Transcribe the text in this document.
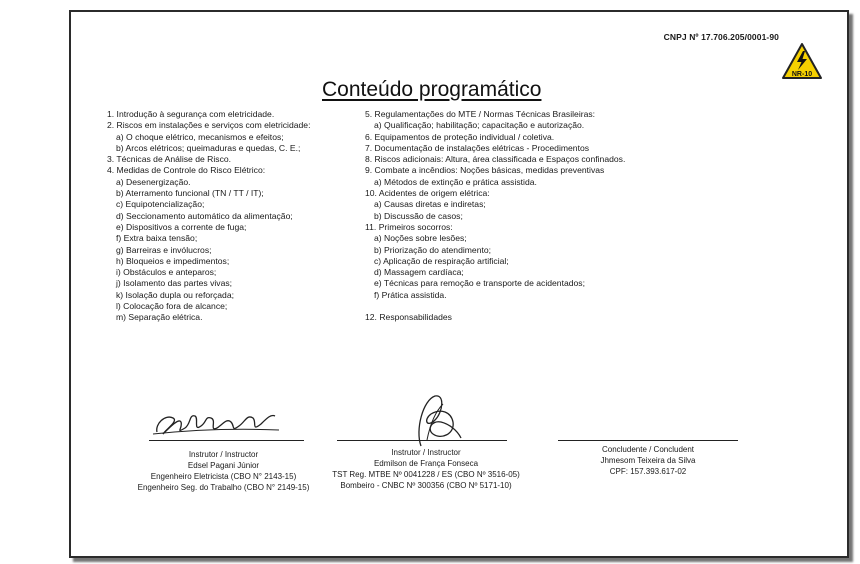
CNPJ Nº 17.706.205/0001-90
NR-10
Conteúdo programático
1. Introdução à segurança com eletricidade.
2. Riscos em instalações e serviços com eletricidade:
a) O choque elétrico, mecanismos e efeitos;
b) Arcos elétricos; queimaduras e quedas, C. E.;
3. Técnicas de Análise de Risco.
4. Medidas de Controle do Risco Elétrico:
a) Desenergização.
b) Aterramento funcional (TN / TT / IT);
c) Equipotencialização;
d) Seccionamento automático da alimentação;
e) Dispositivos a corrente de fuga;
f) Extra baixa tensão;
g) Barreiras e invólucros;
h) Bloqueios e impedimentos;
i) Obstáculos e anteparos;
j) Isolamento das partes vivas;
k) Isolação dupla ou reforçada;
l) Colocação fora de alcance;
m) Separação elétrica.
5. Regulamentações do MTE / Normas Técnicas Brasileiras:
a) Qualificação; habilitação; capacitação e autorização.
6. Equipamentos de proteção individual / coletiva.
7. Documentação de instalações elétricas - Procedimentos
8. Riscos adicionais: Altura, área classificada e Espaços confinados.
9. Combate a incêndios: Noções básicas, medidas preventivas
a) Métodos de extinção e prática assistida.
10. Acidentes de origem elétrica:
a) Causas diretas e indiretas;
b) Discussão de casos;
11. Primeiros socorros:
a) Noções sobre lesões;
b) Priorização do atendimento;
c) Aplicação de respiração artificial;
d) Massagem cardíaca;
e) Técnicas para remoção e transporte de acidentados;
f) Prática assistida.
12. Responsabilidades
Instrutor / Instructor
Edsel Pagani Júnior
Engenheiro Eletricista (CBO N° 2143-15)
Engenheiro Seg. do Trabalho (CBO N° 2149-15)
Instrutor / Instructor
Edmilson de França Fonseca
TST Reg. MTBE Nº 0041228 / ES (CBO Nº 3516-05)
Bombeiro - CNBC Nº 300356 (CBO Nº 5171-10)
Concludente / Concludent
Jhmesom Teixeira da Silva
CPF: 157.393.617-02
